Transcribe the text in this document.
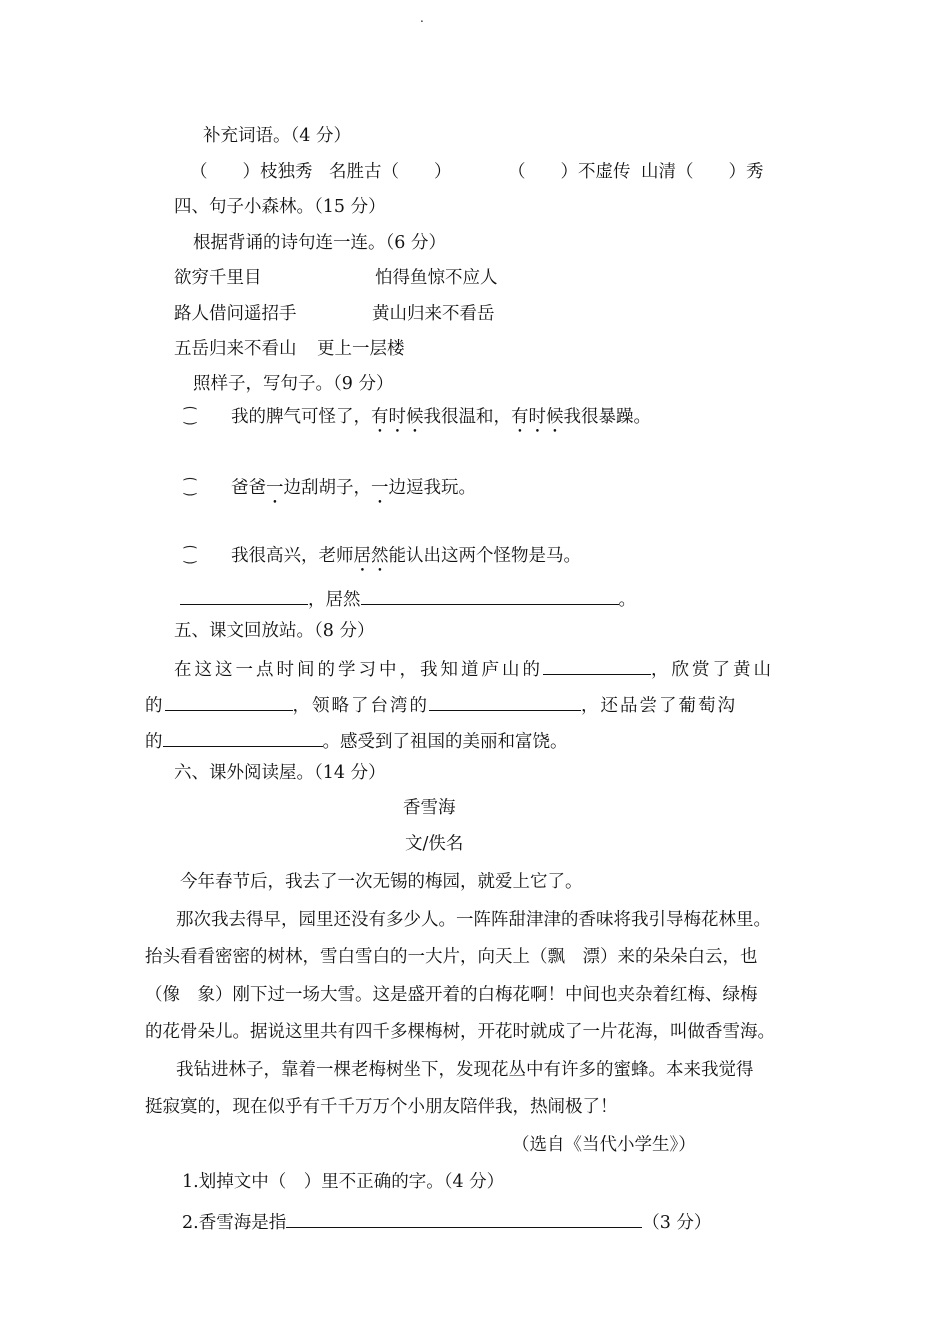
.
补充词语。（4 分）
（　　）枝独秀 名胜古（　　）	（　　）不虚传 山清（　　）秀
四、句子小森林。（15 分）
根据背诵的诗句连一连。（6 分）
欲穷千里目	怕得鱼惊不应人
路人借问遥招手	黄山归来不看岳
五岳归来不看山 更上一层楼
照样子，写句子。（9 分）
⁐ 我的脾气可怪了，有时候我很温和，有时候我很暴躁。
⁐ 爸爸一边刮胡子，一边逗我玩。
⁐ 我很高兴，老师居然能认出这两个怪物是马。
，居然	。
五、课文回放站。（8 分）
在这这一点时间的学习中，我知道庐山的	，欣赏了黄山
的	，领略了台湾的	，还品尝了葡萄沟
的	。感受到了祖国的美丽和富饶。
六、课外阅读屋。（14 分）
香雪海
文/佚名
今年春节后，我去了一次无锡的梅园，就爱上它了。
那次我去得早，园里还没有多少人。一阵阵甜津津的香味将我引导梅花林里。
抬头看看密密的树林，雪白雪白的一大片，向天上（飘　漂）来的朵朵白云，也
（像　象）刚下过一场大雪。这是盛开着的白梅花啊！中间也夹杂着红梅、绿梅
的花骨朵儿。据说这里共有四千多棵梅树，开花时就成了一片花海，叫做香雪海。
我钻进林子，靠着一棵老梅树坐下，发现花丛中有许多的蜜蜂。本来我觉得
挺寂寞的，现在似乎有千千万万个小朋友陪伴我，热闹极了！
（选自《当代小学生》）
1.划掉文中（　）里不正确的字。（4 分）
2.香雪海是指	（3 分）
